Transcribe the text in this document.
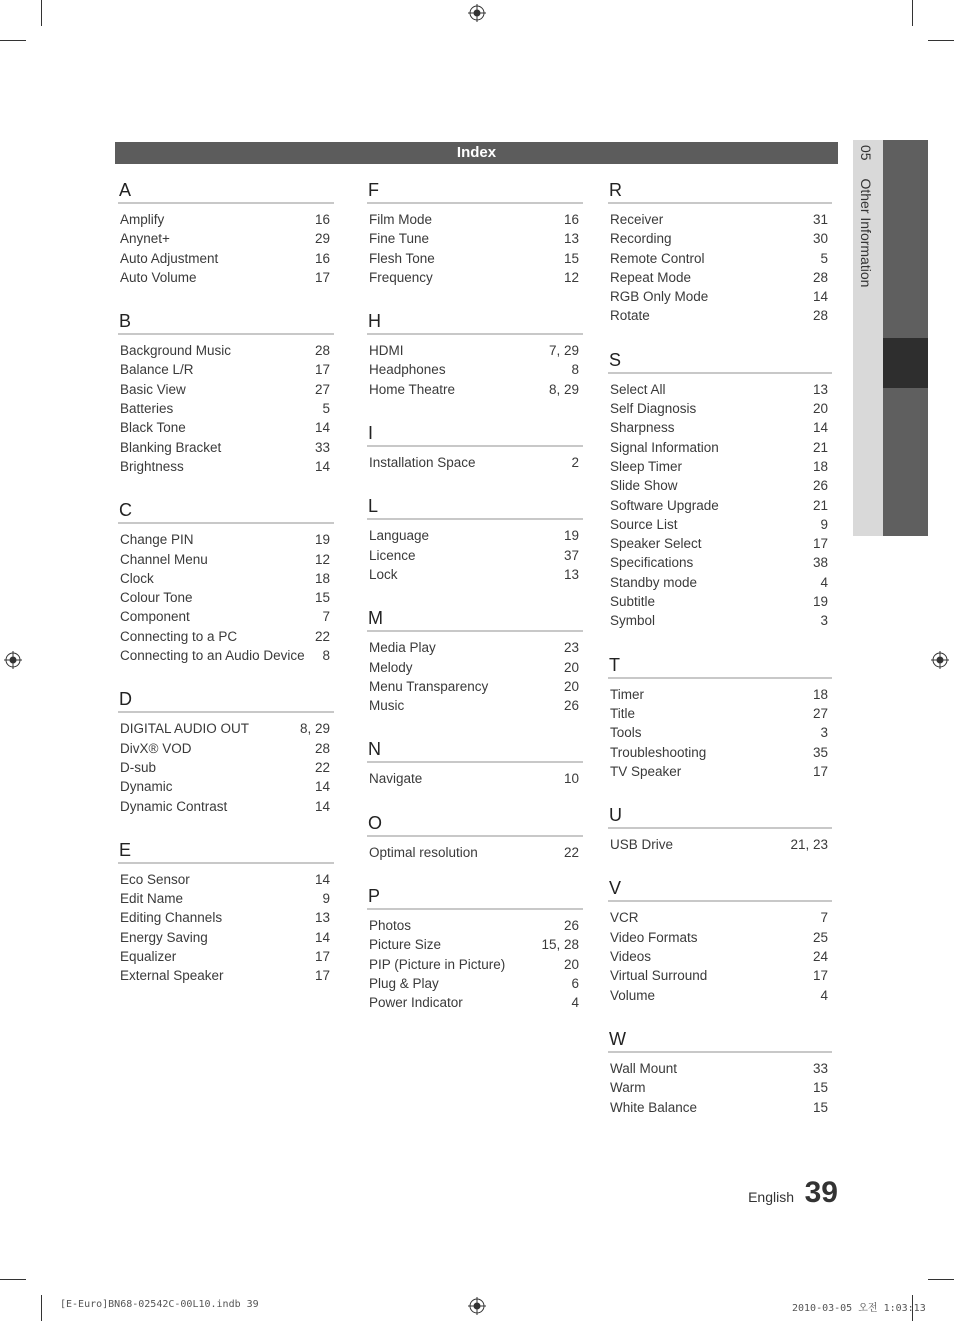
Index
A
Amplify	16
Anynet+	29
Auto Adjustment	16
Auto Volume	17
B
Background Music	28
Balance L/R	17
Basic View	27
Batteries	5
Black Tone	14
Blanking Bracket	33
Brightness	14
C
Change PIN	19
Channel Menu	12
Clock	18
Colour Tone	15
Component	7
Connecting to a PC	22
Connecting to an Audio Device 8
D
DIGITAL AUDIO OUT	8, 29
DivX® VOD	28
D-sub	22
Dynamic	14
Dynamic Contrast	14
E
Eco Sensor	14
Edit Name	9
Editing Channels	13
Energy Saving	14
Equalizer	17
External Speaker	17
F
Film Mode	16
Fine Tune	13
Flesh Tone	15
Frequency	12
H
HDMI	7, 29
Headphones	8
Home Theatre	8, 29
I
Installation Space	2
L
Language	19
Licence	37
Lock	13
M
Media Play	23
Melody	20
Menu Transparency	20
Music	26
N
Navigate	10
O
Optimal resolution	22
P
Photos	26
Picture Size	15, 28
PIP (Picture in Picture)	20
Plug & Play	6
Power Indicator	4
R
Receiver	31
Recording	30
Remote Control	5
Repeat Mode	28
RGB Only Mode	14
Rotate	28
S
Select All	13
Self Diagnosis	20
Sharpness	14
Signal Information	21
Sleep Timer	18
Slide Show	26
Software Upgrade	21
Source List	9
Speaker Select	17
Specifications	38
Standby mode	4
Subtitle	19
Symbol	3
T
Timer	18
Title	27
Tools	3
Troubleshooting	35
TV Speaker	17
U
USB Drive	21, 23
V
VCR	7
Video Formats	25
Videos	24
Virtual Surround	17
Volume	4
W
Wall Mount	33
Warm	15
White Balance	15
05 Other Information
English 39
[E-Euro]BN68-02542C-00L10.indb 39	2010-03-05 오전 1:03:13
